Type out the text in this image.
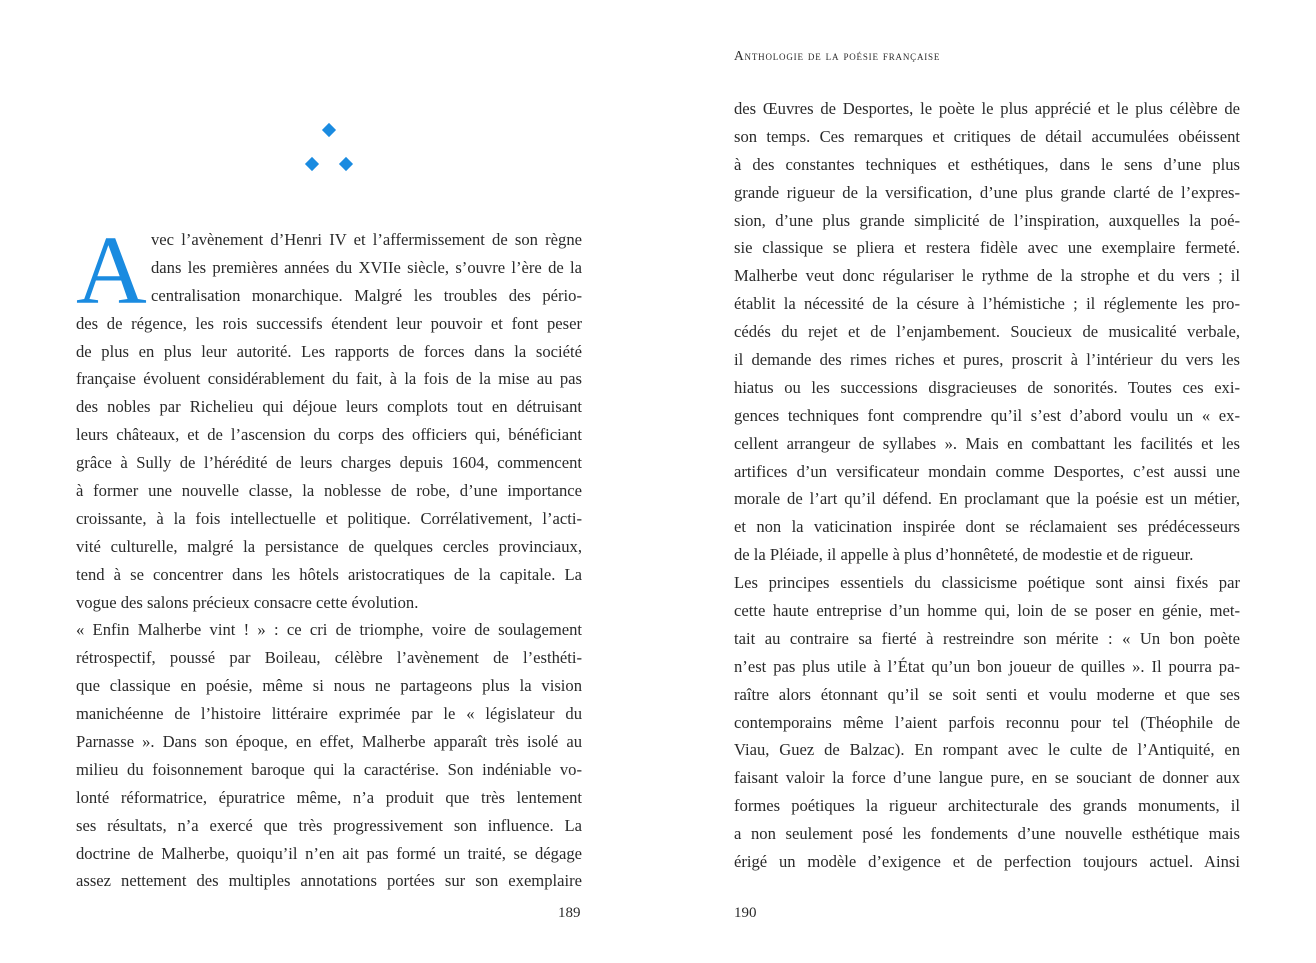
A vec l’avènement d’Henri IV et l’affermissement de son règne
dans les premières années du XVIIe siècle, s’ouvre l’ère de la
centralisation monarchique. Malgré les troubles des pério-
des de régence, les rois successifs étendent leur pouvoir et font peser
de plus en plus leur autorité. Les rapports de forces dans la société
française évoluent considérablement du fait, à la fois de la mise au pas
des nobles par Richelieu qui déjoue leurs complots tout en détruisant
leurs châteaux, et de l’ascension du corps des officiers qui, bénéficiant
grâce à Sully de l’hérédité de leurs charges depuis 1604, commencent
à former une nouvelle classe, la noblesse de robe, d’une importance
croissante, à la fois intellectuelle et politique. Corrélativement, l’acti-
vité culturelle, malgré la persistance de quelques cercles provinciaux,
tend à se concentrer dans les hôtels aristocratiques de la capitale. La
vogue des salons précieux consacre cette évolution.
« Enfin Malherbe vint ! » : ce cri de triomphe, voire de soulagement
rétrospectif, poussé par Boileau, célèbre l’avènement de l’esthéti-
que classique en poésie, même si nous ne partageons plus la vision
manichéenne de l’histoire littéraire exprimée par le « législateur du
Parnasse ». Dans son époque, en effet, Malherbe apparaît très isolé au
milieu du foisonnement baroque qui la caractérise. Son indéniable vo-
lonté réformatrice, épuratrice même, n’a produit que très lentement
ses résultats, n’a exercé que très progressivement son influence. La
doctrine de Malherbe, quoiqu’il n’en ait pas formé un traité, se dégage
assez nettement des multiples annotations portées sur son exemplaire
189
Anthologie de la poésie française
des Œuvres de Desportes, le poète le plus apprécié et le plus célèbre de
son temps. Ces remarques et critiques de détail accumulées obéissent
à des constantes techniques et esthétiques, dans le sens d’une plus
grande rigueur de la versification, d’une plus grande clarté de l’expres-
sion, d’une plus grande simplicité de l’inspiration, auxquelles la poé-
sie classique se pliera et restera fidèle avec une exemplaire fermeté.
Malherbe veut donc régulariser le rythme de la strophe et du vers ; il
établit la nécessité de la césure à l’hémistiche ; il réglemente les pro-
cédés du rejet et de l’enjambement. Soucieux de musicalité verbale,
il demande des rimes riches et pures, proscrit à l’intérieur du vers les
hiatus ou les successions disgracieuses de sonorités. Toutes ces exi-
gences techniques font comprendre qu’il s’est d’abord voulu un « ex-
cellent arrangeur de syllabes ». Mais en combattant les facilités et les
artifices d’un versificateur mondain comme Desportes, c’est aussi une
morale de l’art qu’il défend. En proclamant que la poésie est un métier,
et non la vaticination inspirée dont se réclamaient ses prédécesseurs
de la Pléiade, il appelle à plus d’honnêteté, de modestie et de rigueur.
Les principes essentiels du classicisme poétique sont ainsi fixés par
cette haute entreprise d’un homme qui, loin de se poser en génie, met-
tait au contraire sa fierté à restreindre son mérite : « Un bon poète
n’est pas plus utile à l’État qu’un bon joueur de quilles ». Il pourra pa-
raître alors étonnant qu’il se soit senti et voulu moderne et que ses
contemporains même l’aient parfois reconnu pour tel (Théophile de
Viau, Guez de Balzac). En rompant avec le culte de l’Antiquité, en
faisant valoir la force d’une langue pure, en se souciant de donner aux
formes poétiques la rigueur architecturale des grands monuments, il
a non seulement posé les fondements d’une nouvelle esthétique mais
érigé un modèle d’exigence et de perfection toujours actuel. Ainsi
190
